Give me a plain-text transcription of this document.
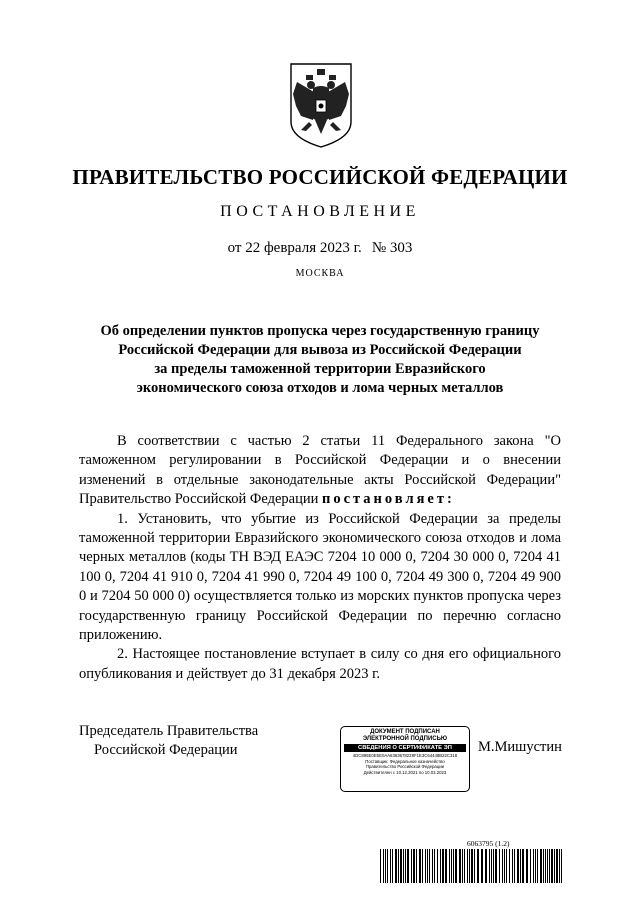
ПРАВИТЕЛЬСТВО РОССИЙСКОЙ ФЕДЕРАЦИИ
ПОСТАНОВЛЕНИЕ
от 22 февраля 2023 г. № 303
МОСКВА
Об определении пунктов пропуска через государственную границу
Российской Федерации для вывоза из Российской Федерации
за пределы таможенной территории Евразийского
экономического союза отходов и лома черных металлов

В соответствии с частью 2 статьи 11 Федерального закона "О таможенном регулировании в Российской Федерации и о внесении изменений в отдельные законодательные акты Российской Федерации" Правительство Российской Федерации постановляет:

1. Установить, что убытие из Российской Федерации за пределы таможенной территории Евразийского экономического союза отходов и лома черных металлов (коды ТН ВЭД ЕАЭС 7204 10 000 0, 7204 30 000 0, 7204 41 100 0, 7204 41 910 0, 7204 41 990 0, 7204 49 100 0, 7204 49 300 0, 7204 49 900 0 и 7204 50 000 0) осуществляется только из морских пунктов пропуска через государственную границу Российской Федерации по перечню согласно приложению.

2. Настоящее постановление вступает в силу со дня его официального опубликования и действует до 31 декабря 2023 г.

Председатель Правительства
Российской Федерации
ДОКУМЕНТ ПОДПИСАН
ЭЛЕКТРОННОЙ ПОДПИСЬЮ
СВЕДЕНИЯ О СЕРТИФИКАТЕ ЭП
4DC895E0E5E0AA6363678228F1E3C64448B22C318
Поставщик: Федеральное казначейство
Правительство Российской Федерации
Действителен с 10.12.2021 по 10.03.2023
М.Мишустин
6063795 (1.2)
